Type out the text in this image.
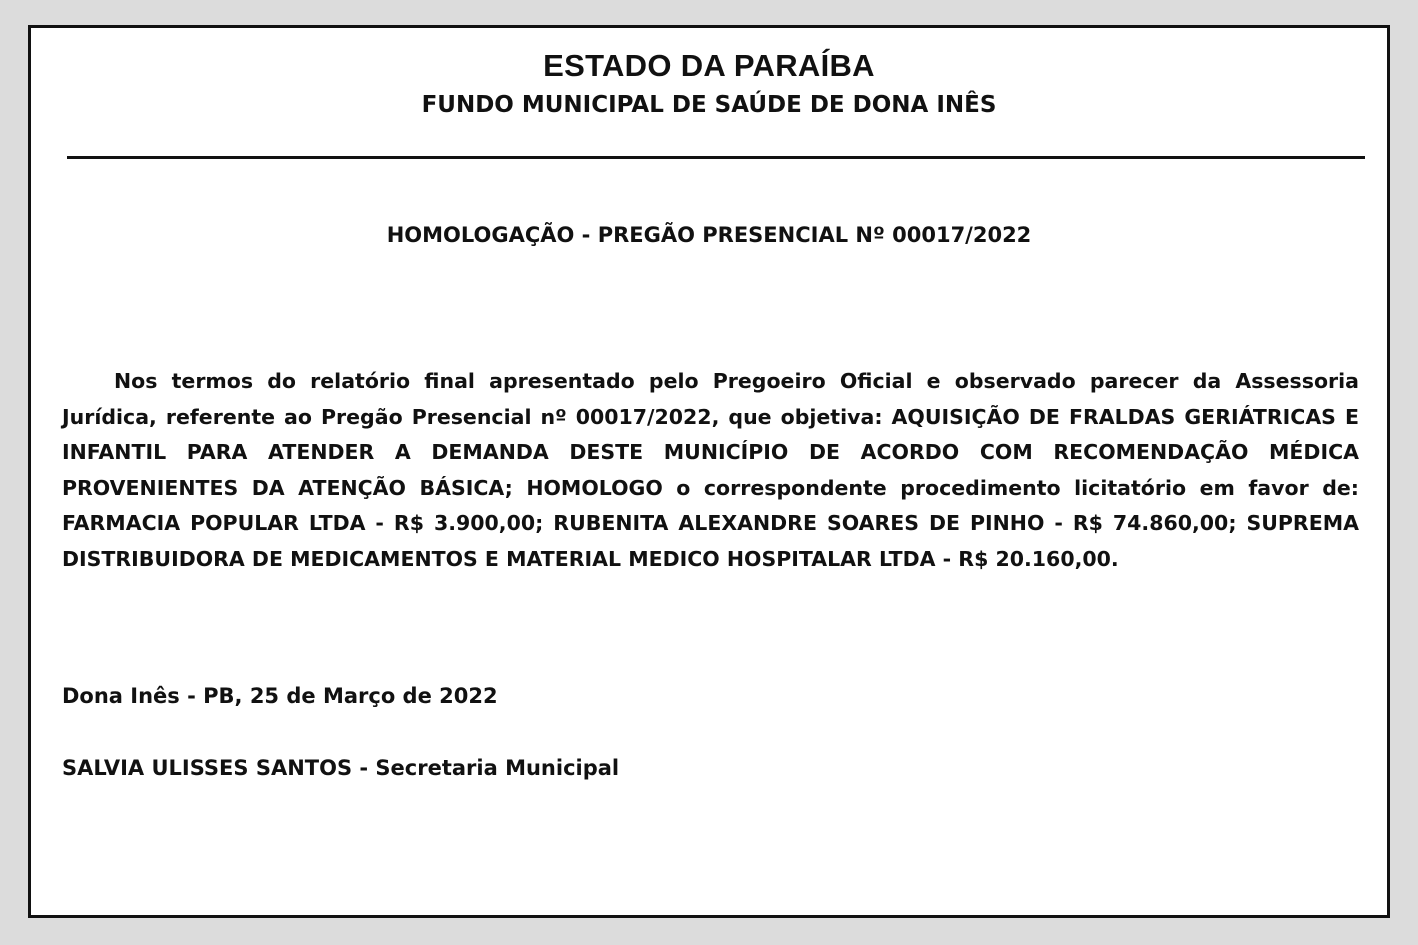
ESTADO DA PARAÍBA
FUNDO MUNICIPAL DE SAÚDE DE DONA INÊS
HOMOLOGAÇÃO - PREGÃO PRESENCIAL Nº 00017/2022

Nos termos do relatório final apresentado pelo Pregoeiro Oficial e observado parecer da Assessoria Jurídica, referente ao Pregão Presencial nº 00017/2022, que objetiva: AQUISIÇÃO DE FRALDAS GERIÁTRICAS E INFANTIL PARA ATENDER A DEMANDA DESTE MUNICÍPIO DE ACORDO COM RECOMENDAÇÃO MÉDICA PROVENIENTES DA ATENÇÃO BÁSICA; HOMOLOGO o correspondente procedimento licitatório em favor de: FARMACIA POPULAR LTDA - R$ 3.900,00; RUBENITA ALEXANDRE SOARES DE PINHO - R$ 74.860,00; SUPREMA DISTRIBUIDORA DE MEDICAMENTOS E MATERIAL MEDICO HOSPITALAR LTDA - R$ 20.160,00.

Dona Inês - PB, 25 de Março de 2022
SALVIA ULISSES SANTOS - Secretaria Municipal
